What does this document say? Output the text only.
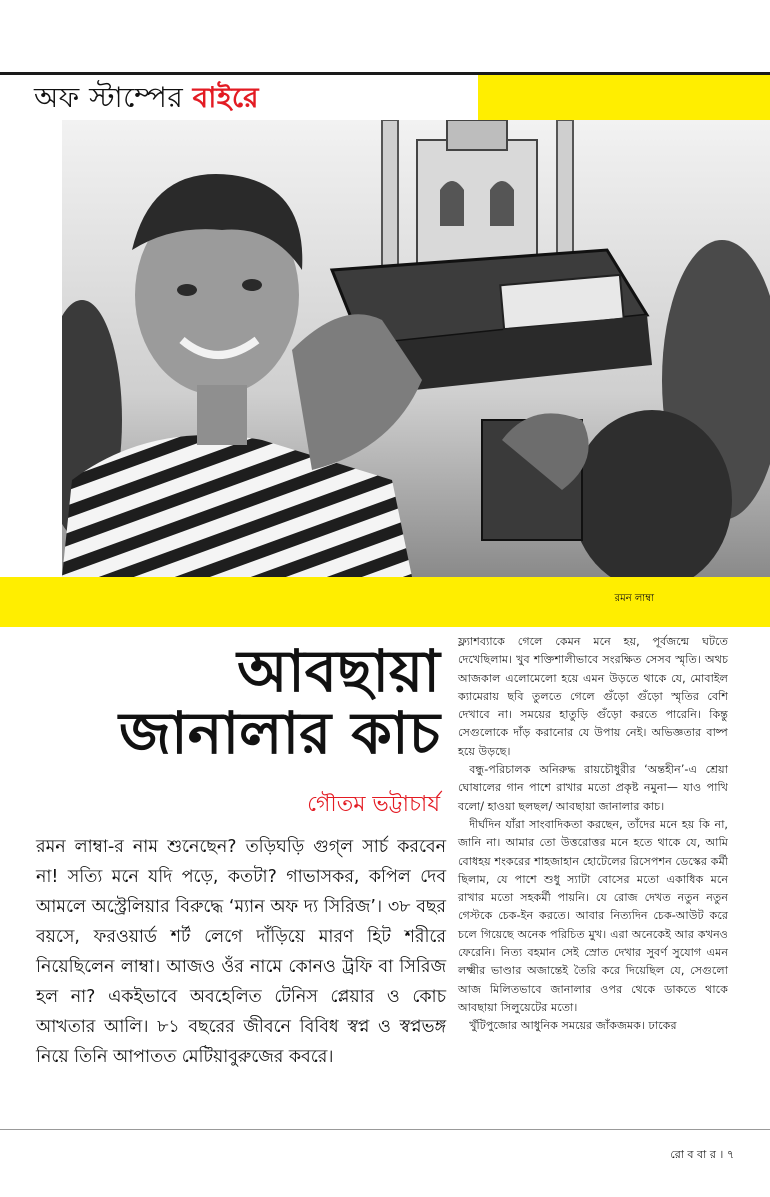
অফ স্টাম্পের বাইরে
রমন লাম্বা
আবছায়া
জানালার কাচ
গৌতম ভট্টাচার্য
রমন লাম্বা-র নাম শুনেছেন? তড়িঘড়ি গুগ্‌ল সার্চ করবেন না! সত্যি মনে যদি পড়ে, কতটা? গাভাসকর, কপিল দেব আমলে অস্ট্রেলিয়ার বিরুদ্ধে ‘ম্যান অফ দ্য সিরিজ’। ৩৮ বছর বয়সে, ফরওয়ার্ড শর্ট লেগে দাঁড়িয়ে মারণ হিট শরীরে নিয়েছিলেন লাম্বা। আজও ওঁর নামে কোনও ট্রফি বা সিরিজ হল না? একইভাবে অবহেলিত টেনিস প্লেয়ার ও কোচ আখতার আলি। ৮১ বছরের জীবনে বিবিধ স্বপ্ন ও স্বপ্নভঙ্গ নিয়ে তিনি আপাতত মেটিয়াবুরুজের কবরে।

ফ্ল্যাশব্যাকে গেলে কেমন মনে হয়, পূর্বজন্মে ঘটতে দেখেছিলাম। খুব শক্তিশালীভাবে সংরক্ষিত সেসব স্মৃতি। অথচ আজকাল এলোমেলো হয়ে এমন উড়তে থাকে যে, মোবাইল ক্যামেরায় ছবি তুলতে গেলে গুঁড়ো গুঁড়ো স্মৃতির বেশি দেখাবে না। সময়ের হাতুড়ি গুঁড়ো করতে পারেনি। কিন্তু সেগুলোকে দাঁড় করানোর যে উপায় নেই। অভিজ্ঞতার বাষ্প হয়ে উড়ছে।

বন্ধু-পরিচালক অনিরুদ্ধ রায়চৌধুরীর ‘অন্তহীন’-এ শ্রেয়া ঘোষালের গান পাশে রাখার মতো প্রকৃষ্ট নমুনা— যাও পাখি বলো/ হাওয়া ছলছল/ আবছায়া জানালার কাচ।

দীর্ঘদিন যাঁরা সাংবাদিকতা করছেন, তাঁদের মনে হয় কি না, জানি না। আমার তো উত্তরোত্তর মনে হতে থাকে যে, আমি বোধহয় শংকরের শাহজাহান হোটেলের রিসেপশন ডেস্কের কর্মী ছিলাম, যে পাশে শুধু স্যাটা বোসের মতো একাধিক মনে রাখার মতো সহকর্মী পায়নি। যে রোজ দেখত নতুন নতুন গেস্টকে চেক-ইন করতে। আবার নিত্যদিন চেক-আউট করে চলে গিয়েছে অনেক পরিচিত মুখ। এরা অনেকেই আর কখনও ফেরেনি। নিত্য বহমান সেই স্রোত দেখার সুবর্ণ সুযোগ এমন লক্ষ্মীর ভাণ্ডার অজান্তেই তৈরি করে দিয়েছিল যে, সেগুলো আজ মিলিতভাবে জানালার ওপর থেকে ডাকতে থাকে আবছায়া সিলুয়েটের মতো।

খুঁটিপুজোর আধুনিক সময়ের জাঁকজমক। ঢাকের

রো ব বা র । ৭
